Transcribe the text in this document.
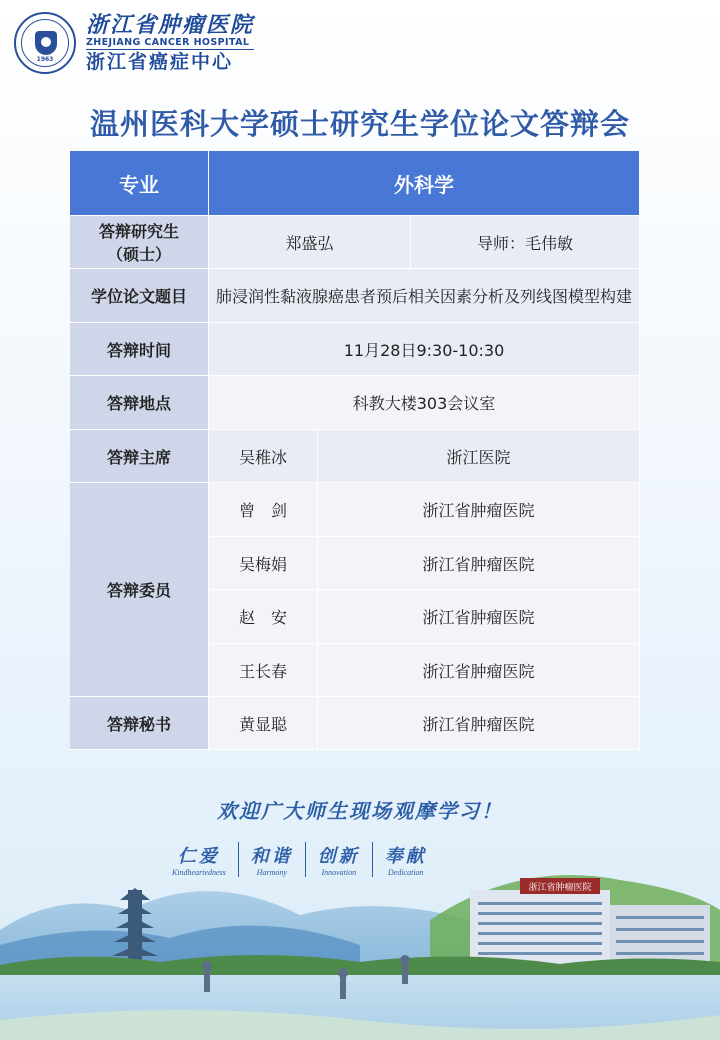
1963
浙江省肿瘤医院
ZHEJIANG CANCER HOSPITAL
浙江省癌症中心
温州医科大学硕士研究生学位论文答辩会
专业	外科学		

答辩研究生
（硕士）	郑盛弘		导师：毛伟敏
学位论文题目	肺浸润性黏液腺癌患者预后相关因素分析及列线图模型构建		
答辩时间	11月28日9:30-10:30		
答辩地点	科教大楼303会议室		
答辩主席	吴稚冰	浙江医院	
答辩委员	曾　剑	浙江省肿瘤医院	
	吴梅娟	浙江省肿瘤医院	
	赵　安	浙江省肿瘤医院	
	王长春	浙江省肿瘤医院	
答辩秘书	黄显聪	浙江省肿瘤医院	
欢迎广大师生现场观摩学习！
仁爱
Kindheartedness
和谐
Harmony
创新
Innovation
奉献
Dedication
浙江省肿瘤医院
